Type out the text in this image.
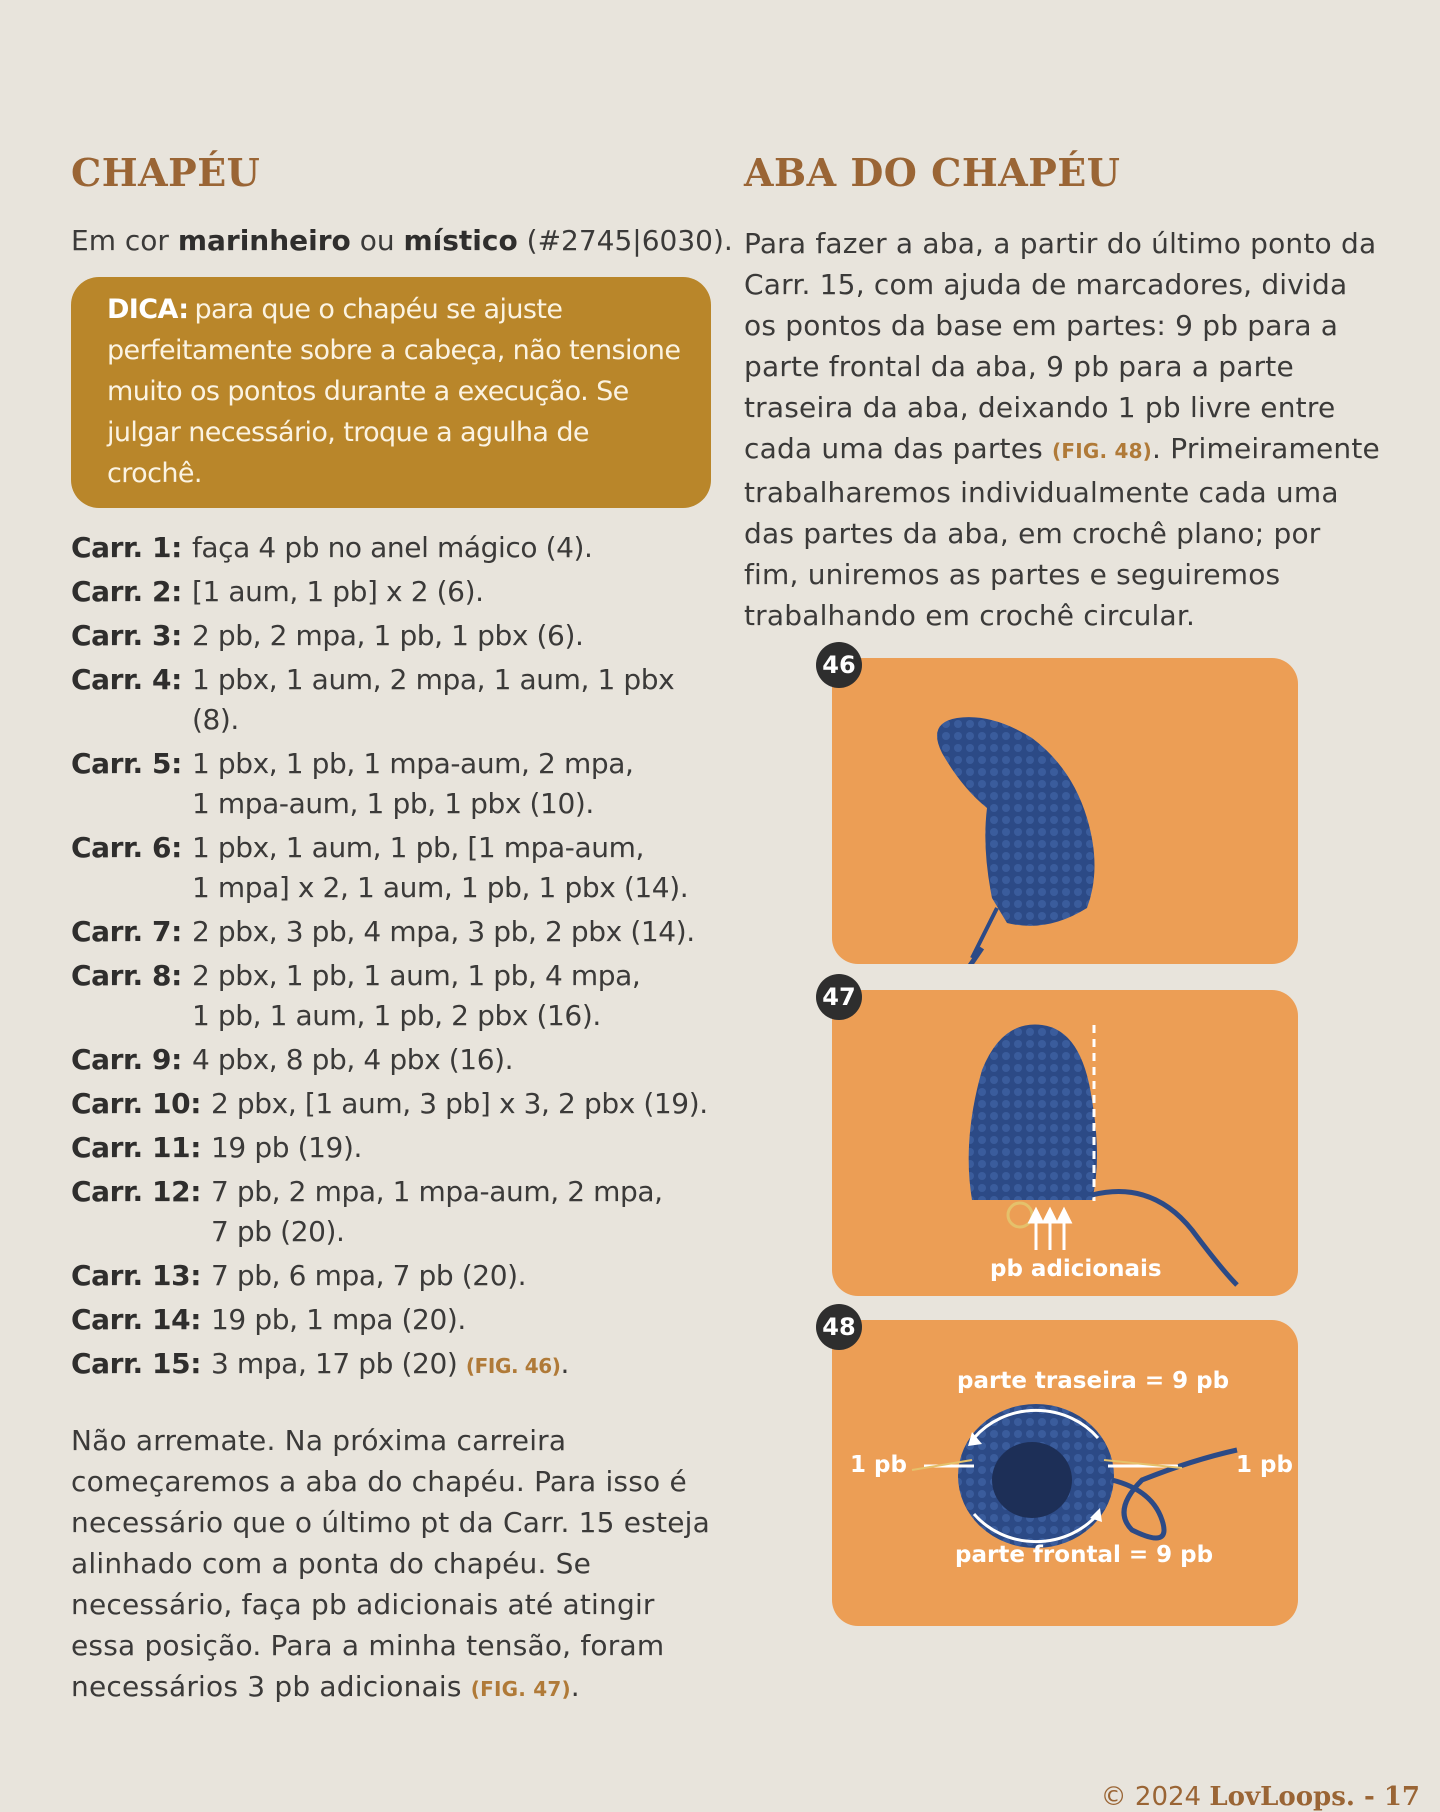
CHAPÉU
Em cor marinheiro ou místico (#2745|6030).
DICA: para que o chapéu se ajuste perfeitamente sobre a cabeça, não tensione muito os pontos durante a execução. Se julgar necessário, troque a agulha de crochê.
Carr. 1: faça 4 pb no anel mágico (4).
Carr. 2: [1 aum, 1 pb] x 2 (6).
Carr. 3: 2 pb, 2 mpa, 1 pb, 1 pbx (6).
Carr. 4: 1 pbx, 1 aum, 2 mpa, 1 aum, 1 pbx (8).
Carr. 5: 1 pbx, 1 pb, 1 mpa-aum, 2 mpa,
1 mpa-aum, 1 pb, 1 pbx (10).
Carr. 6: 1 pbx, 1 aum, 1 pb, [1 mpa-aum,
1 mpa] x 2, 1 aum, 1 pb, 1 pbx (14).
Carr. 7: 2 pbx, 3 pb, 4 mpa, 3 pb, 2 pbx (14).
Carr. 8: 2 pbx, 1 pb, 1 aum, 1 pb, 4 mpa,
1 pb, 1 aum, 1 pb, 2 pbx (16).
Carr. 9: 4 pbx, 8 pb, 4 pbx (16).
Carr. 10: 2 pbx, [1 aum, 3 pb] x 3, 2 pbx (19).
Carr. 11: 19 pb (19).
Carr. 12: 7 pb, 2 mpa, 1 mpa-aum, 2 mpa,
7 pb (20).
Carr. 13: 7 pb, 6 mpa, 7 pb (20).
Carr. 14: 19 pb, 1 mpa (20).
Carr. 15: 3 mpa, 17 pb (20) (FIG. 46).
Não arremate. Na próxima carreira começaremos a aba do chapéu. Para isso é necessário que o último pt da Carr. 15 esteja alinhado com a ponta do chapéu. Se necessário, faça pb adicionais até atingir essa posição. Para a minha tensão, foram necessários 3 pb adicionais (FIG. 47).
ABA DO CHAPÉU
Para fazer a aba, a partir do último ponto da Carr. 15, com ajuda de marcadores, divida os pontos da base em partes: 9 pb para a parte frontal da aba, 9 pb para a parte traseira da aba, deixando 1 pb livre entre cada uma das partes (FIG. 48). Primeiramente trabalharemos individualmente cada uma das partes da aba, em crochê plano; por fim, uniremos as partes e seguiremos trabalhando em crochê circular.
46
47
pb adicionais
48
parte traseira = 9 pb
1 pb	1 pb
parte frontal = 9 pb
© 2024 LovLoops. - 17
